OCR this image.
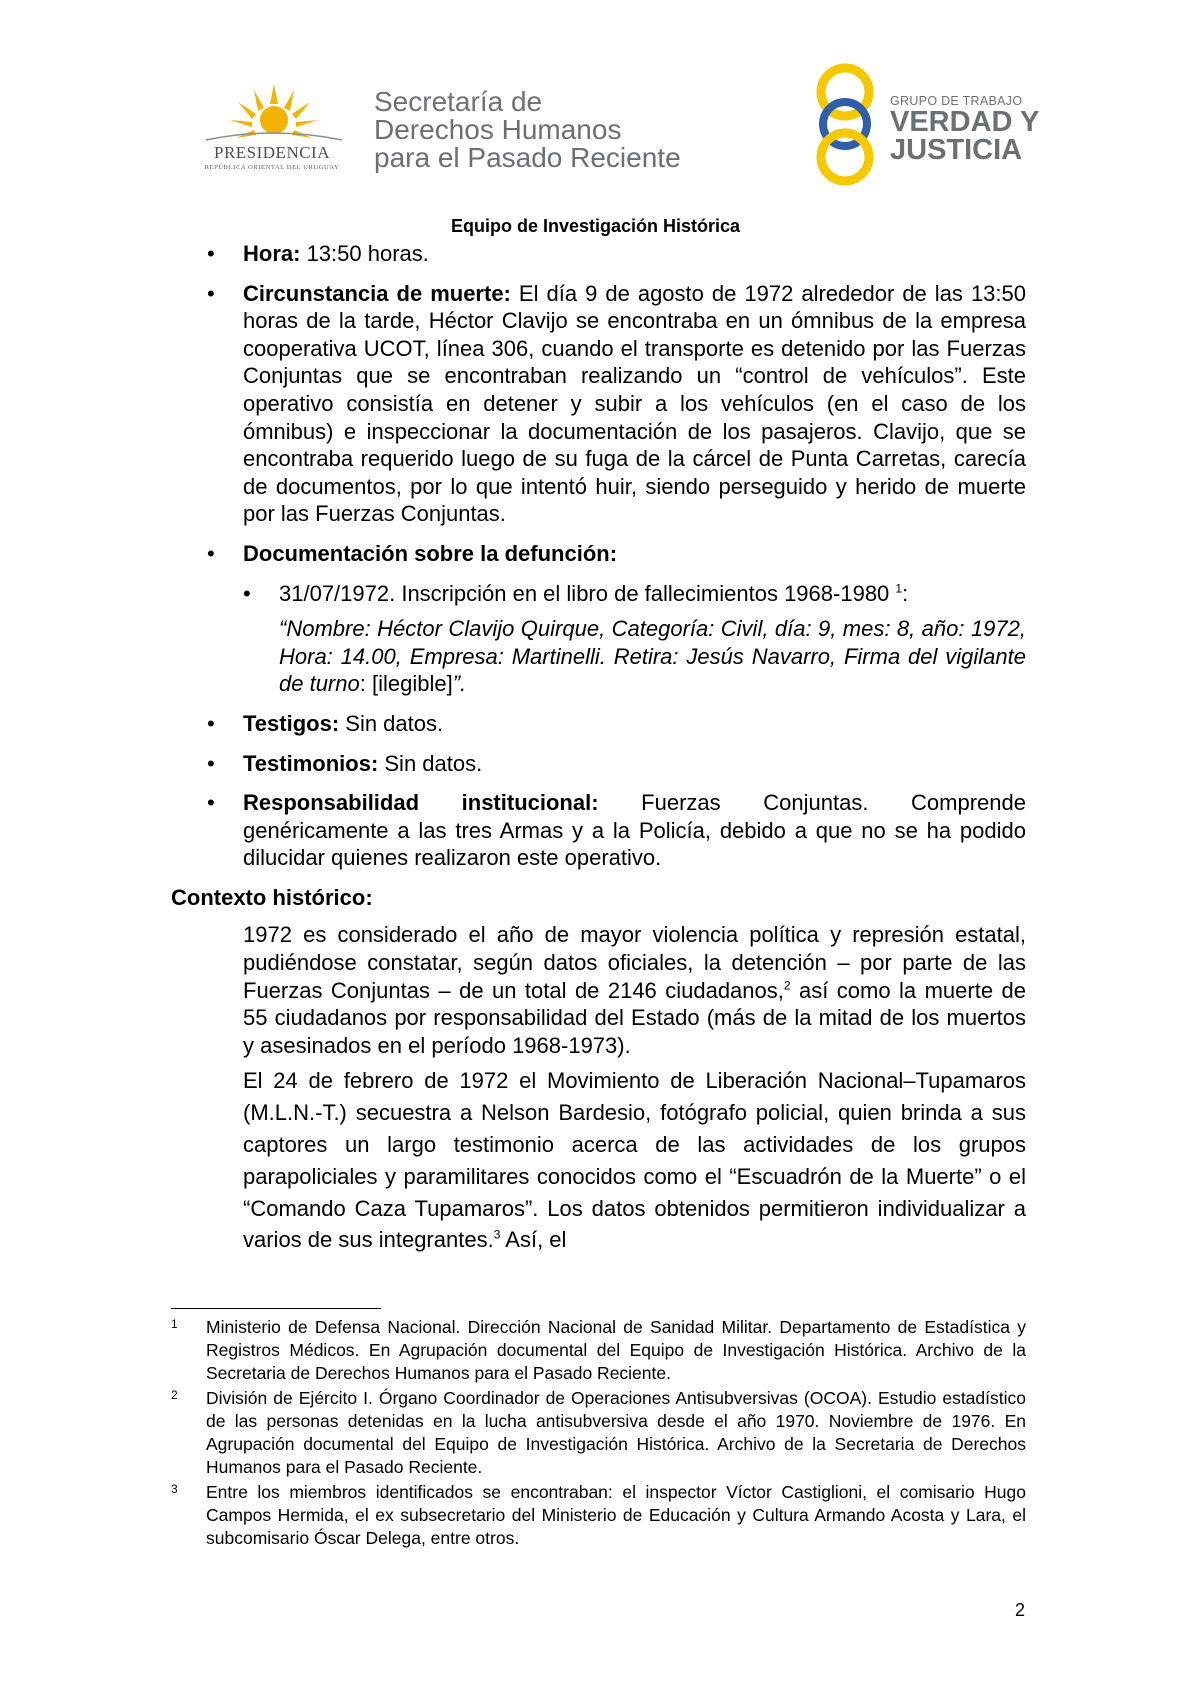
PRESIDENCIA
REPÚBLICA ORIENTAL DEL URUGUAY
Secretaría de
Derechos Humanos
para el Pasado Reciente
GRUPO DE TRABAJO
VERDAD Y
JUSTICIA
Equipo de Investigación Histórica
• Hora: 13:50 horas.
• Circunstancia de muerte: El día 9 de agosto de 1972 alrededor de las 13:50 horas de la tarde, Héctor Clavijo se encontraba en un ómnibus de la empresa cooperativa UCOT, línea 306, cuando el transporte es detenido por las Fuerzas Conjuntas que se encontraban realizando un “control de vehículos”. Este operativo consistía en detener y subir a los vehículos (en el caso de los ómnibus) e inspeccionar la documentación de los pasajeros. Clavijo, que se encontraba requerido luego de su fuga de la cárcel de Punta Carretas, carecía de documentos, por lo que intentó huir, siendo perseguido y herido de muerte por las Fuerzas Conjuntas.
• Documentación sobre la defunción:
• 31/07/1972. Inscripción en el libro de fallecimientos 1968-1980 $^1$:
“Nombre: Héctor Clavijo Quirque, Categoría: Civil, día: 9, mes: 8, año: 1972, Hora: 14.00, Empresa: Martinelli. Retira: Jesús Navarro, Firma del vigilante de turno: [ilegible]”.
• Testigos: Sin datos.
• Testimonios: Sin datos.
• Responsabilidad institucional: Fuerzas Conjuntas. Comprende genéricamente a las tres Armas y a la Policía, debido a que no se ha podido dilucidar quienes realizaron este operativo.
Contexto histórico:
1972 es considerado el año de mayor violencia política y represión estatal, pudiéndose constatar, según datos oficiales, la detención – por parte de las Fuerzas Conjuntas – de un total de 2146 ciudadanos,$^2$ así como la muerte de 55 ciudadanos por responsabilidad del Estado (más de la mitad de los muertos y asesinados en el período 1968-1973).
El 24 de febrero de 1972 el Movimiento de Liberación Nacional–Tupamaros (M.L.N.-T.) secuestra a Nelson Bardesio, fotógrafo policial, quien brinda a sus captores un largo testimonio acerca de las actividades de los grupos parapoliciales y paramilitares conocidos como el “Escuadrón de la Muerte” o el “Comando Caza Tupamaros”. Los datos obtenidos permitieron individualizar a varios de sus integrantes.$^3$ Así, el
1 Ministerio de Defensa Nacional. Dirección Nacional de Sanidad Militar. Departamento de Estadística y Registros Médicos. En Agrupación documental del Equipo de Investigación Histórica. Archivo de la Secretaria de Derechos Humanos para el Pasado Reciente.
2 División de Ejército I. Órgano Coordinador de Operaciones Antisubversivas (OCOA). Estudio estadístico de las personas detenidas en la lucha antisubversiva desde el año 1970. Noviembre de 1976. En Agrupación documental del Equipo de Investigación Histórica. Archivo de la Secretaria de Derechos Humanos para el Pasado Reciente.
3 Entre los miembros identificados se encontraban: el inspector Víctor Castiglioni, el comisario Hugo Campos Hermida, el ex subsecretario del Ministerio de Educación y Cultura Armando Acosta y Lara, el subcomisario Óscar Delega, entre otros.
2
